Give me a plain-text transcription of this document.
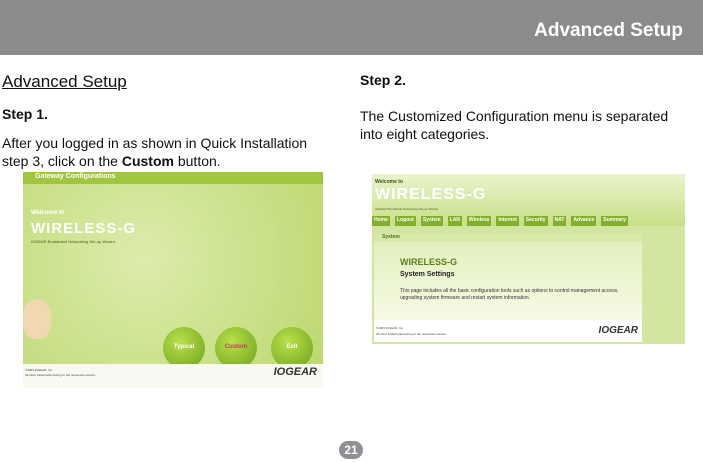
Advanced Setup
Advanced Setup
Step 1.
After you logged in as shown in Quick Installation step 3, click on the Custom button.
Step 2.
The Customized Configuration menu is separated into eight categories.
Gateway Configurations
Welcome to
WIRELESS-G
IOGEAR Broadband Networking Set-up Wizard
Typical	Custom	Exit
©2003 IOGEAR, Inc.
All other trademarks belong to the respective owners.	IOGEAR
Welcome to
WIRELESS-G
IOGEAR Broadband Networking Set-up Wizard
Home	Logout	System	LAN	Wireless	Internet	Security	NAT	Advance	Summary
System
WIRELESS-G
System Settings
This page includes all the basic configuration tools such as options to control management access, upgrading system firmware and restart system information.
©2003 IOGEAR, Inc.
All other trademarks belong to the respective owners.	IOGEAR
21
